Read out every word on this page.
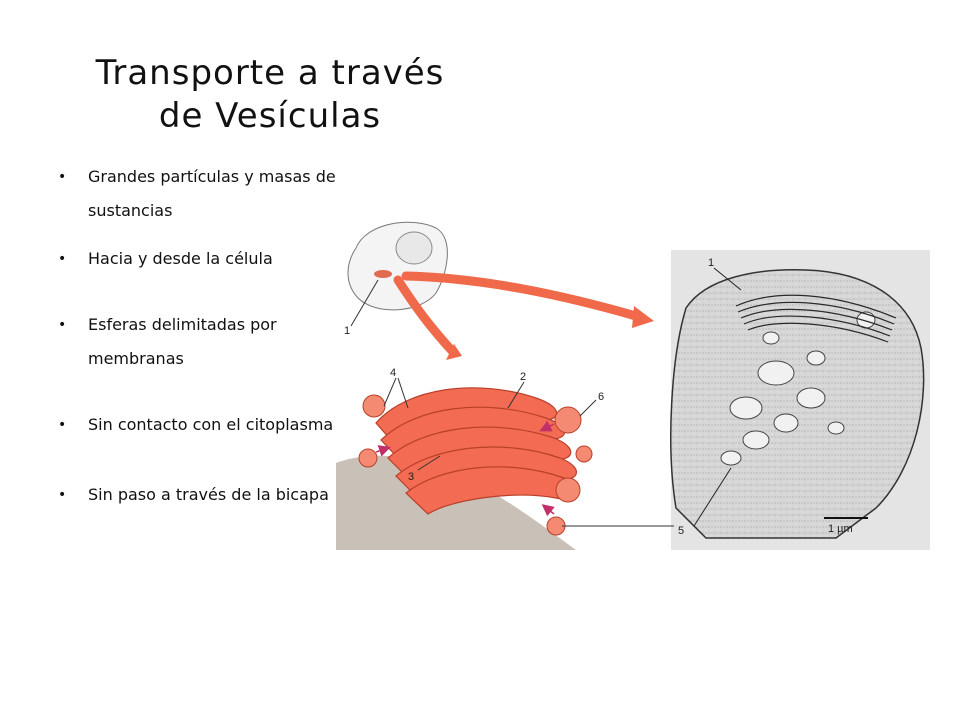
Transporte a través
de Vesículas
• Grandes partículas y masas de sustancias
• Hacia y desde la célula
• Esferas delimitadas por membranas
• Sin contacto con el citoplasma
• Sin paso a través de la bicapa
1
5	1 µm
1
4	2
6
3
